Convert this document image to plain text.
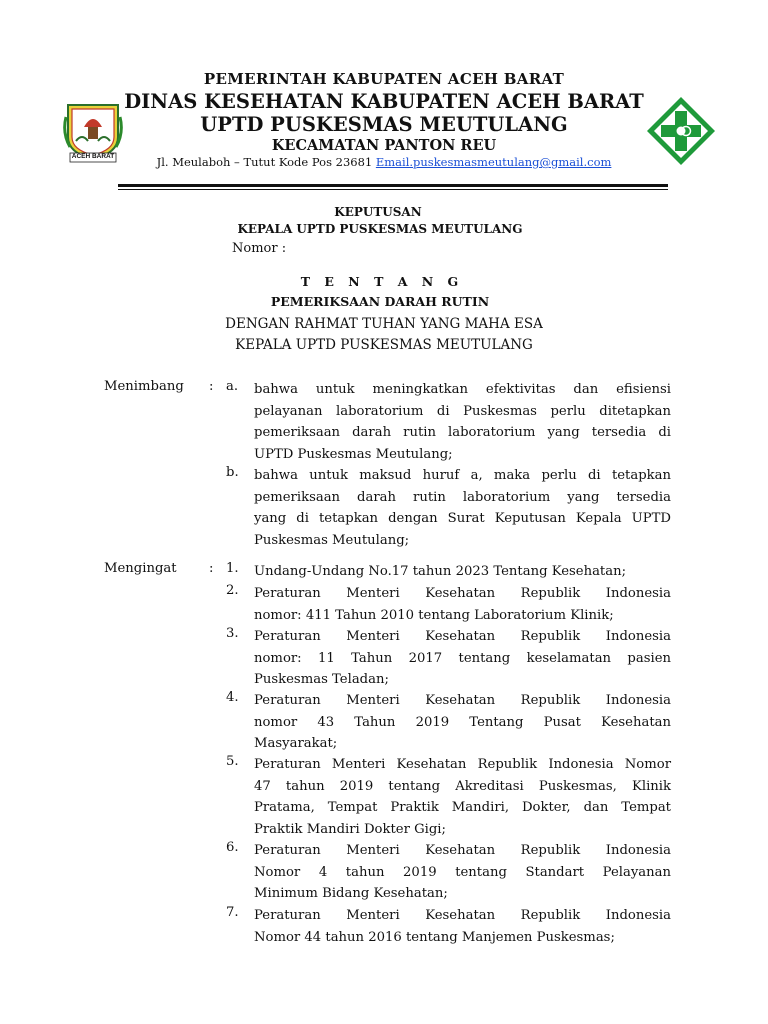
ACEH BARAT
PEMERINTAH KABUPATEN ACEH BARAT
DINAS KESEHATAN KABUPATEN ACEH BARAT
UPTD PUSKESMAS MEUTULANG
KECAMATAN PANTON REU
Jl. Meulaboh – Tutut Kode Pos 23681 Email.puskesmasmeutulang@gmail.com
KEPUTUSAN
KEPALA UPTD PUSKESMAS MEUTULANG
Nomor :
T E N T A N G
PEMERIKSAAN DARAH RUTIN
DENGAN RAHMAT TUHAN YANG MAHA ESA
KEPALA UPTD PUSKESMAS MEUTULANG
Menimbang : a. bahwa untuk meningkatkan efektivitas dan efisiensi
pelayanan laboratorium di Puskesmas perlu ditetapkan
pemeriksaan darah rutin laboratorium yang tersedia di
UPTD Puskesmas Meutulang;
b. bahwa untuk maksud huruf a, maka perlu di tetapkan
pemeriksaan darah rutin laboratorium yang tersedia
yang di tetapkan dengan Surat Keputusan Kepala UPTD
Puskesmas Meutulang;
Mengingat : 1. Undang-Undang No.17 tahun 2023 Tentang Kesehatan;
2. Peraturan Menteri Kesehatan Republik Indonesia
nomor: 411 Tahun 2010 tentang Laboratorium Klinik;
3. Peraturan Menteri Kesehatan Republik Indonesia
nomor: 11 Tahun 2017 tentang keselamatan pasien
Puskesmas Teladan;
4. Peraturan Menteri Kesehatan Republik Indonesia
nomor 43 Tahun 2019 Tentang Pusat Kesehatan
Masyarakat;
5. Peraturan Menteri Kesehatan Republik Indonesia Nomor
47 tahun 2019 tentang Akreditasi Puskesmas, Klinik
Pratama, Tempat Praktik Mandiri, Dokter, dan Tempat
Praktik Mandiri Dokter Gigi;
6. Peraturan Menteri Kesehatan Republik Indonesia
Nomor 4 tahun 2019 tentang Standart Pelayanan
Minimum Bidang Kesehatan;
7. Peraturan Menteri Kesehatan Republik Indonesia
Nomor 44 tahun 2016 tentang Manjemen Puskesmas;
